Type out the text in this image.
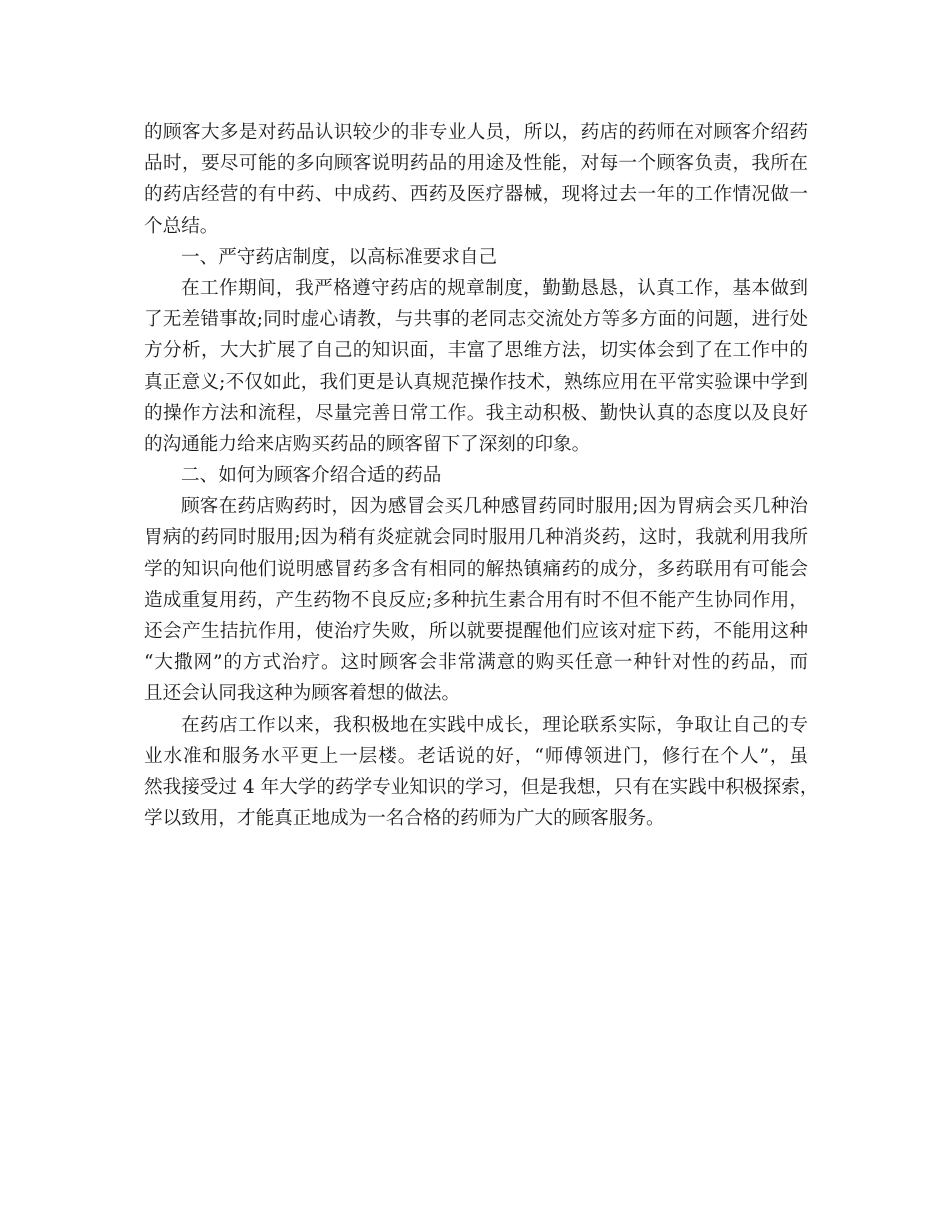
的顾客大多是对药品认识较少的非专业人员，所以，药店的药师在对顾客介绍药
品时，要尽可能的多向顾客说明药品的用途及性能，对每一个顾客负责，我所在
的药店经营的有中药、中成药、西药及医疗器械，现将过去一年的工作情况做一
个总结。
一、严守药店制度，以高标准要求自己
在工作期间，我严格遵守药店的规章制度，勤勤恳恳，认真工作，基本做到
了无差错事故;同时虚心请教，与共事的老同志交流处方等多方面的问题，进行处
方分析，大大扩展了自己的知识面，丰富了思维方法，切实体会到了在工作中的
真正意义;不仅如此，我们更是认真规范操作技术，熟练应用在平常实验课中学到
的操作方法和流程，尽量完善日常工作。我主动积极、勤快认真的态度以及良好
的沟通能力给来店购买药品的顾客留下了深刻的印象。
二、如何为顾客介绍合适的药品
顾客在药店购药时，因为感冒会买几种感冒药同时服用;因为胃病会买几种治
胃病的药同时服用;因为稍有炎症就会同时服用几种消炎药，这时，我就利用我所
学的知识向他们说明感冒药多含有相同的解热镇痛药的成分，多药联用有可能会
造成重复用药，产生药物不良反应;多种抗生素合用有时不但不能产生协同作用，
还会产生拮抗作用，使治疗失败，所以就要提醒他们应该对症下药，不能用这种
“大撒网”的方式治疗。这时顾客会非常满意的购买任意一种针对性的药品，而
且还会认同我这种为顾客着想的做法。
在药店工作以来，我积极地在实践中成长，理论联系实际，争取让自己的专
业水准和服务水平更上一层楼。老话说的好，“师傅领进门，修行在个人”，虽
然我接受过 4 年大学的药学专业知识的学习，但是我想，只有在实践中积极探索，
学以致用，才能真正地成为一名合格的药师为广大的顾客服务。
